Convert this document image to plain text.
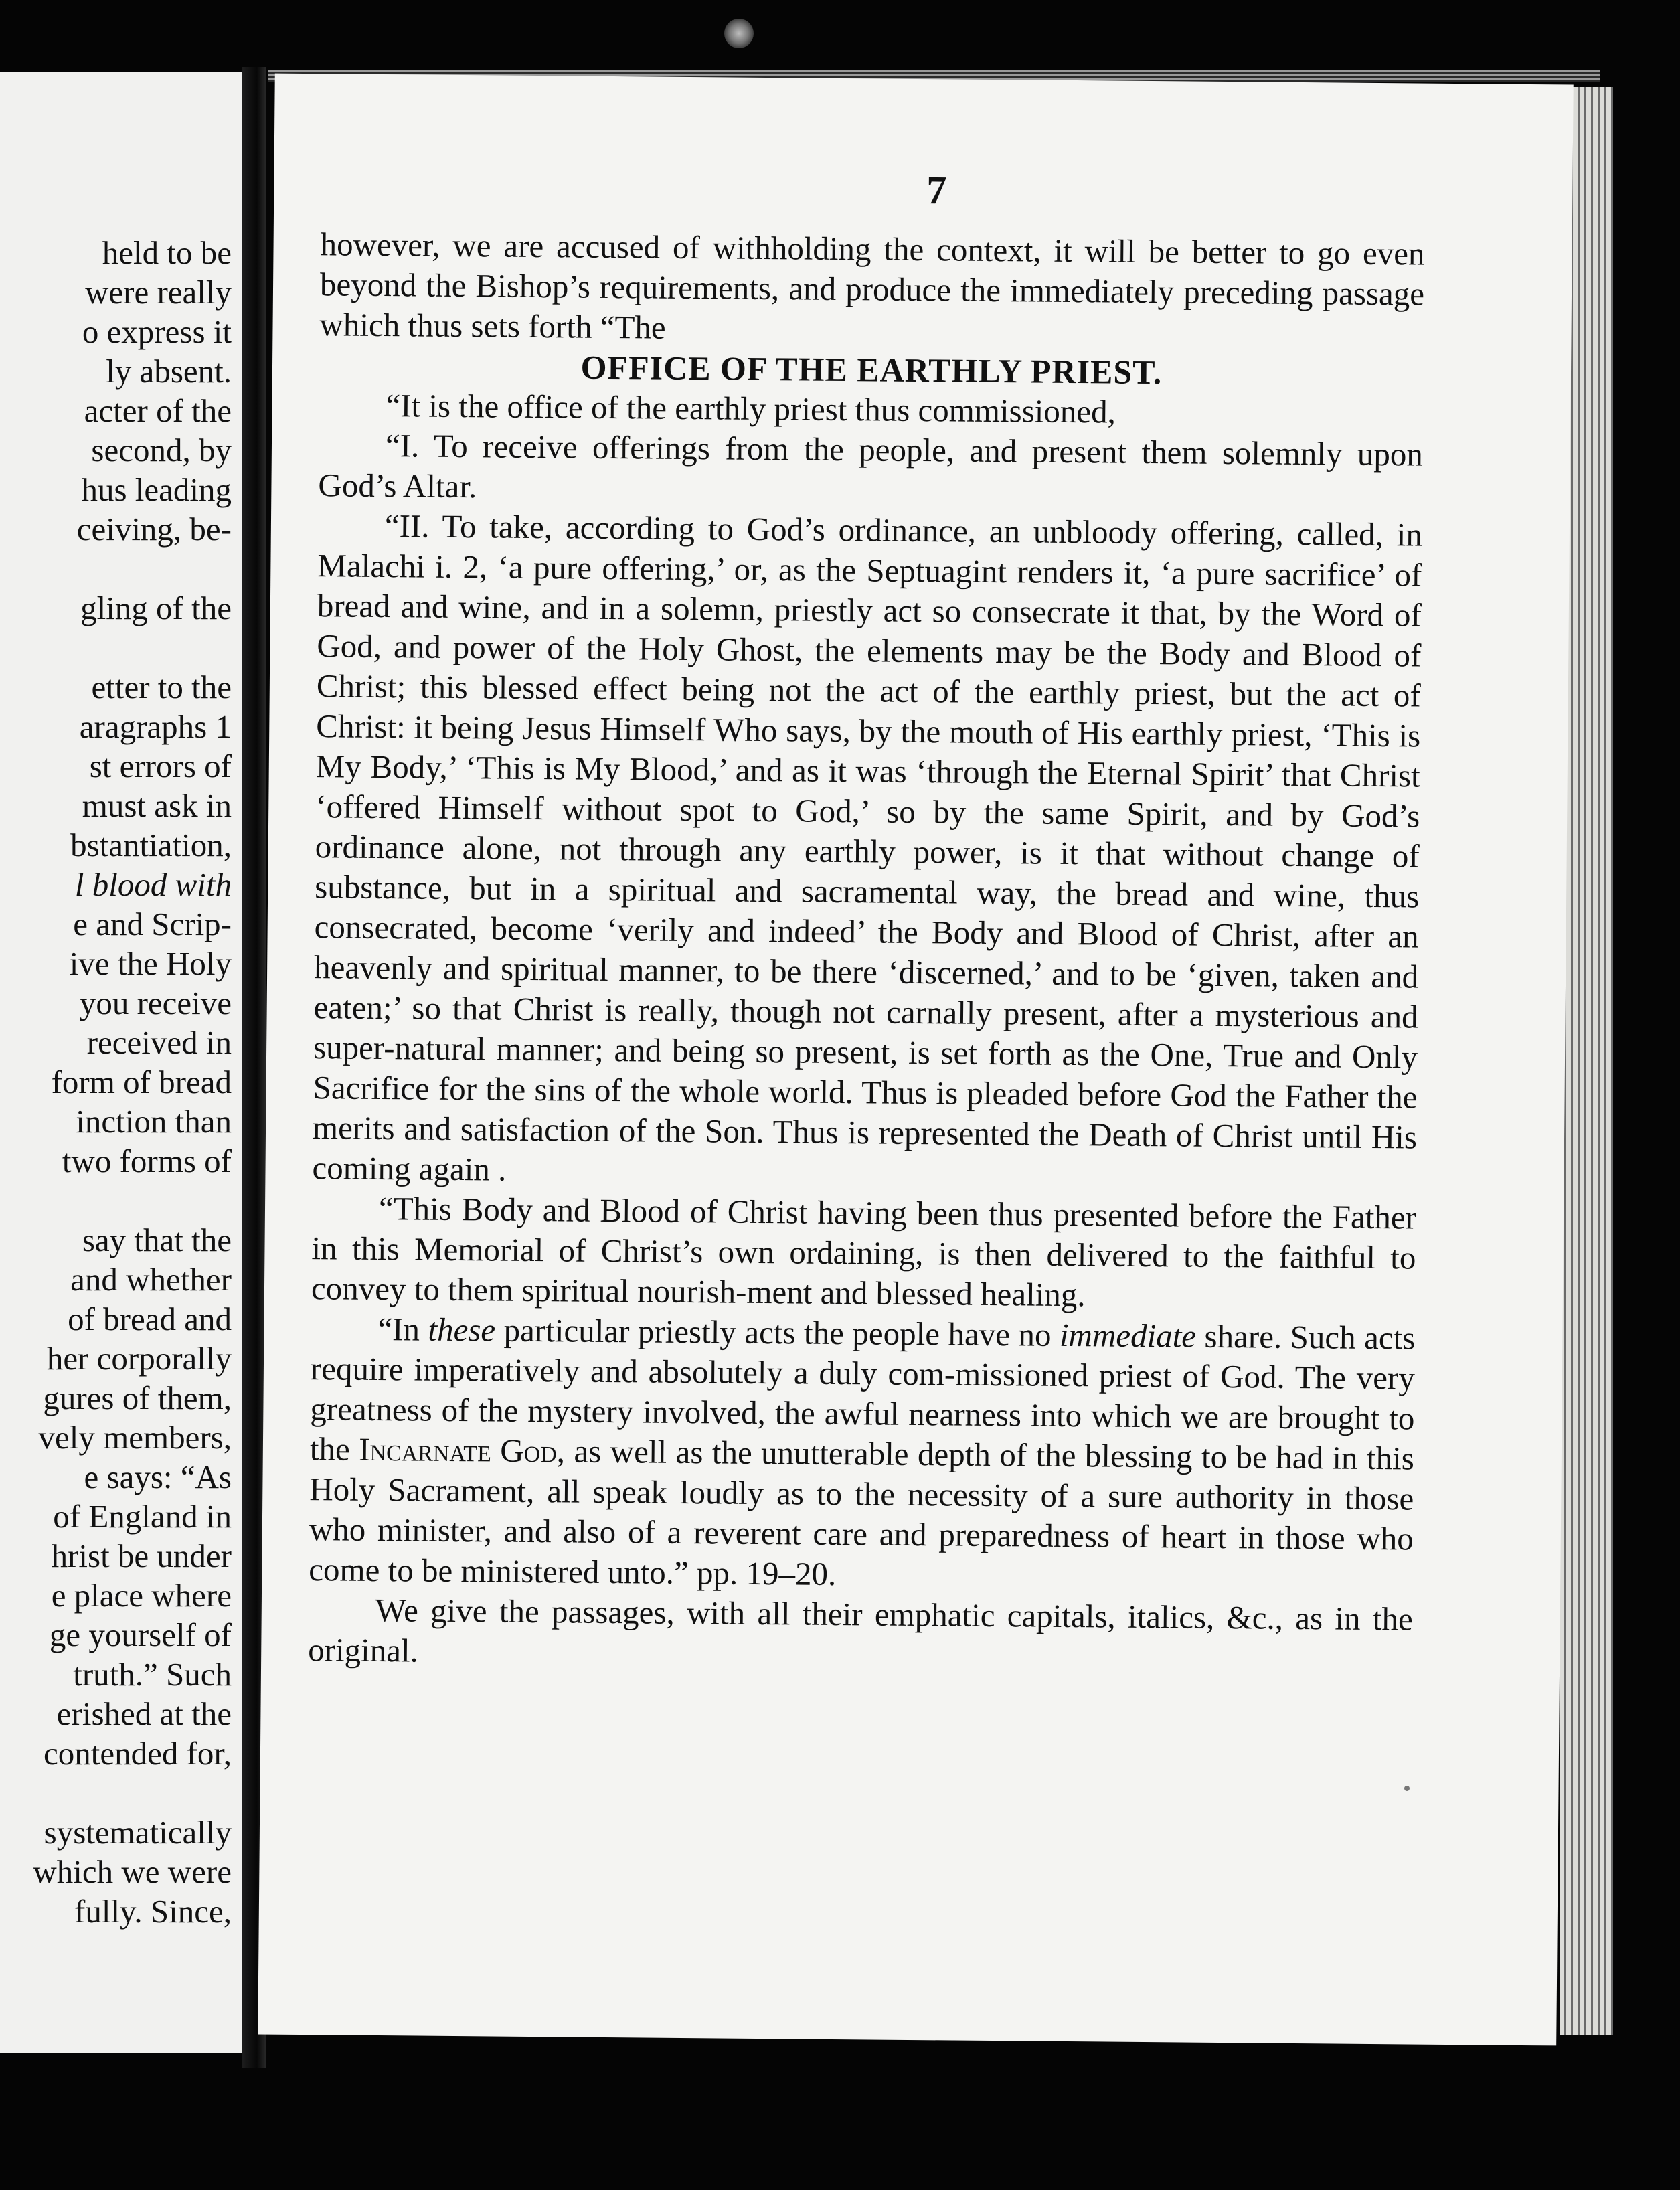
held to be
were really
o express it
ly absent.
acter of the
second, by
hus leading
ceiving, be-
gling of the
etter to the
aragraphs 1
st errors of
must ask in
bstantiation,
l blood with
e and Scrip-
ive the Holy
you receive
received in
form of bread
inction than
two forms of
say that the
and whether
of bread and
her corporally
gures of them,
vely members,
e says: “As
of England in
hrist be under
e place where
ge yourself of
truth.” Such
erished at the
contended for,
systematically
which we were
fully. Since,
7

however, we are accused of withholding the context, it will be better to go even beyond the Bishop’s requirements, and produce the immediately preceding passage which thus sets forth “The

OFFICE OF THE EARTHLY PRIEST.

“It is the office of the earthly priest thus commissioned,

“I. To receive offerings from the people, and present them solemnly upon God’s Altar.

“II. To take, according to God’s ordinance, an unbloody offering, called, in Malachi i. 2, ‘a pure offering,’ or, as the Septuagint renders it, ‘a pure sacrifice’ of bread and wine, and in a solemn, priestly act so consecrate it that, by the Word of God, and power of the Holy Ghost, the elements may be the Body and Blood of Christ; this blessed effect being not the act of the earthly priest, but the act of Christ: it being Jesus Himself Who says, by the mouth of His earthly priest, ‘This is My Body,’ ‘This is My Blood,’ and as it was ‘through the Eternal Spirit’ that Christ ‘offered Himself without spot to God,’ so by the same Spirit, and by God’s ordinance alone, not through any earthly power, is it that without change of substance, but in a spiritual and sacramental way, the bread and wine, thus consecrated, become ‘verily and indeed’ the Body and Blood of Christ, after an heavenly and spiritual manner, to be there ‘discerned,’ and to be ‘given, taken and eaten;’ so that Christ is really, though not carnally present, after a mysterious and super-natural manner; and being so present, is set forth as the One, True and Only Sacrifice for the sins of the whole world. Thus is pleaded before God the Father the merits and satisfaction of the Son. Thus is represented the Death of Christ until His coming again .

“This Body and Blood of Christ having been thus presented before the Father in this Memorial of Christ’s own ordaining, is then delivered to the faithful to convey to them spiritual nourish-ment and blessed healing.

“In these particular priestly acts the people have no immediate share. Such acts require imperatively and absolutely a duly com-missioned priest of God. The very greatness of the mystery involved, the awful nearness into which we are brought to the Incarnate God, as well as the unutterable depth of the blessing to be had in this Holy Sacrament, all speak loudly as to the necessity of a sure authority in those who minister, and also of a reverent care and preparedness of heart in those who come to be ministered unto.” pp. 19–20.

We give the passages, with all their emphatic capitals, italics, &c., as in the original.
